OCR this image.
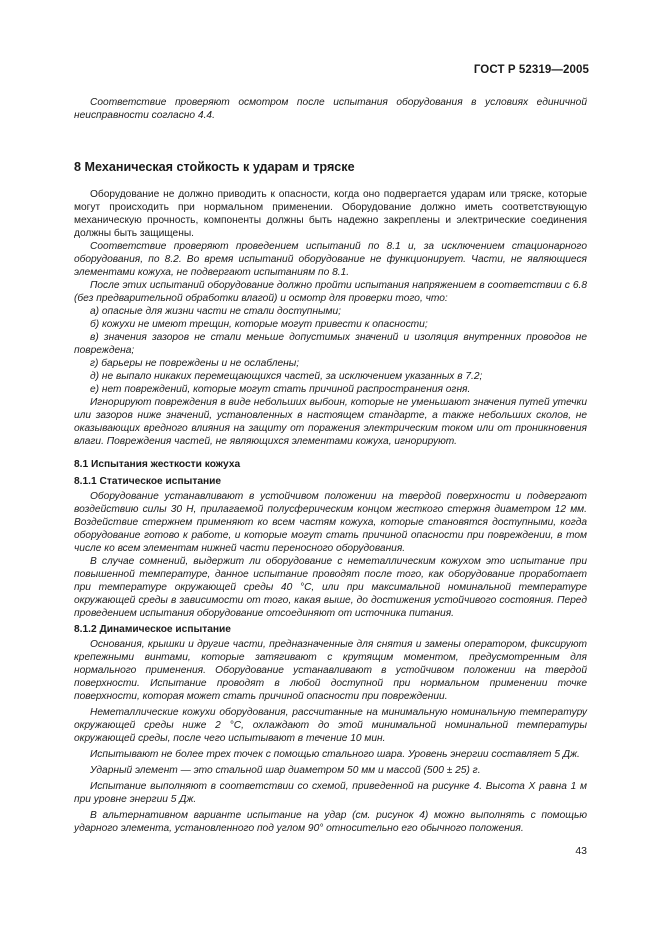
ГОСТ Р 52319—2005

Соответствие проверяют осмотром после испытания оборудования в условиях единичной неисправности согласно 4.4.

8 Механическая стойкость к ударам и тряске

Оборудование не должно приводить к опасности, когда оно подвергается ударам или тряске, которые могут происходить при нормальном применении. Оборудование должно иметь соответствующую механическую прочность, компоненты должны быть надежно закреплены и электрические соединения должны быть защищены.

Соответствие проверяют проведением испытаний по 8.1 и, за исключением стационарного оборудования, по 8.2. Во время испытаний оборудование не функционирует. Части, не являющиеся элементами кожуха, не подвергают испытаниям по 8.1.

После этих испытаний оборудование должно пройти испытания напряжением в соответствии с 6.8 (без предварительной обработки влагой) и осмотр для проверки того, что:

а) опасные для жизни части не стали доступными;

б) кожухи не имеют трещин, которые могут привести к опасности;

в) значения зазоров не стали меньше допустимых значений и изоляция внутренних проводов не повреждена;

г) барьеры не повреждены и не ослаблены;

д) не выпало никаких перемещающихся частей, за исключением указанных в 7.2;

е) нет повреждений, которые могут стать причиной распространения огня.

Игнорируют повреждения в виде небольших выбоин, которые не уменьшают значения путей утечки или зазоров ниже значений, установленных в настоящем стандарте, а также небольших сколов, не оказывающих вредного влияния на защиту от поражения электрическим током или от проникновения влаги. Повреждения частей, не являющихся элементами кожуха, игнорируют.

8.1 Испытания жесткости кожуха

8.1.1 Статическое испытание

Оборудование устанавливают в устойчивом положении на твердой поверхности и подвергают воздействию силы 30 Н, прилагаемой полусферическим концом жесткого стержня диаметром 12 мм. Воздействие стержнем применяют ко всем частям кожуха, которые становятся доступными, когда оборудование готово к работе, и которые могут стать причиной опасности при повреждении, в том числе ко всем элементам нижней части переносного оборудования.

В случае сомнений, выдержит ли оборудование с неметаллическим кожухом это испытание при повышенной температуре, данное испытание проводят после того, как оборудование проработает при температуре окружающей среды 40 °С, или при максимальной номинальной температуре окружающей среды в зависимости от того, какая выше, до достижения устойчивого состояния. Перед проведением испытания оборудование отсоединяют от источника питания.

8.1.2 Динамическое испытание

Основания, крышки и другие части, предназначенные для снятия и замены оператором, фиксируют крепежными винтами, которые затягивают с крутящим моментом, предусмотренным для нормального применения. Оборудование устанавливают в устойчивом положении на твердой поверхности. Испытание проводят в любой доступной при нормальном применении точке поверхности, которая может стать причиной опасности при повреждении.

Неметаллические кожухи оборудования, рассчитанные на минимальную номинальную температуру окружающей среды ниже 2 °С, охлаждают до этой минимальной номинальной температуры окружающей среды, после чего испытывают в течение 10 мин.

Испытывают не более трех точек с помощью стального шара. Уровень энергии составляет 5 Дж.

Ударный элемент — это стальной шар диаметром 50 мм и массой (500 ± 25) г.

Испытание выполняют в соответствии со схемой, приведенной на рисунке 4. Высота X равна 1 м при уровне энергии 5 Дж.

В альтернативном варианте испытание на удар (см. рисунок 4) можно выполнять с помощью ударного элемента, установленного под углом 90° относительно его обычного положения.

43
